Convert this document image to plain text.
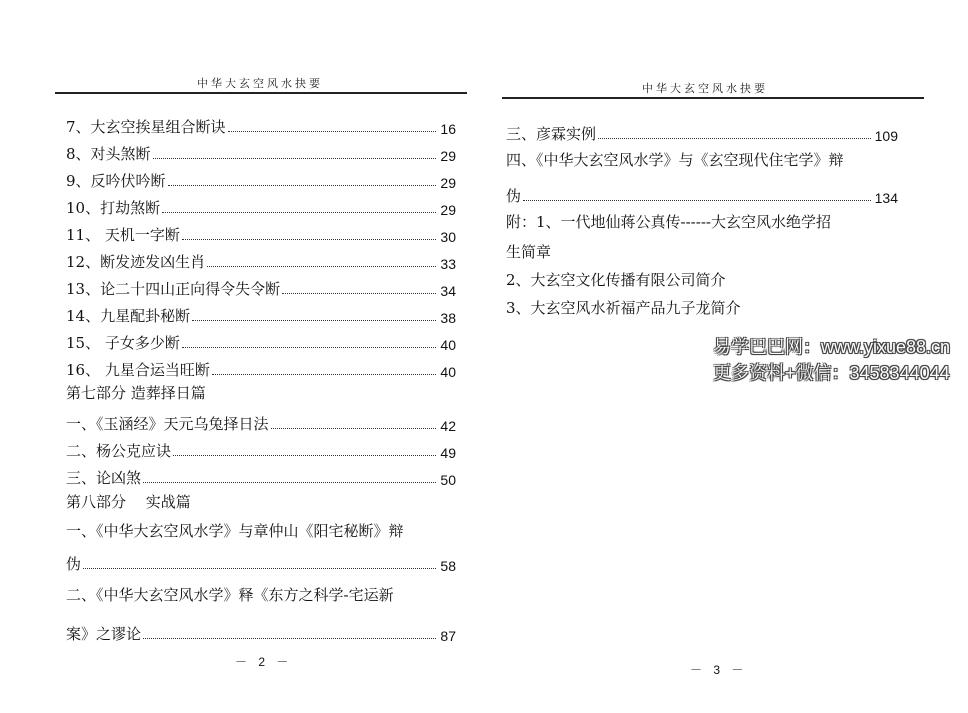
中华大玄空风水抉要
7、大玄空挨星组合断诀	16
8、对头煞断	29
9、反吟伏吟断	29
10、打劫煞断	29
11、 天机一字断	30
12、断发迹发凶生肖	33
13、论二十四山正向得令失令断	34
14、九星配卦秘断	38
15、 子女多少断	40
16、 九星合运当旺断	40
第七部分 造葬择日篇
一、《玉涵经》天元乌兔择日法	42
二、杨公克应诀	49
三、论凶煞	50
第八部分　 实战篇
一、《中华大玄空风水学》与章仲山《阳宅秘断》辩
伪	58
二、《中华大玄空风水学》释《东方之科学-宅运新
案》之谬论	87
－ 2 －
中华大玄空风水抉要
三、彦霖实例	109
四、《中华大玄空风水学》与《玄空现代住宅学》辩
伪	134
附：1、一代地仙蒋公真传------大玄空风水绝学招
生简章
2、大玄空文化传播有限公司简介
3、大玄空风水祈福产品九子龙简介
－ 3 －
易学巴巴网：www.yixue88.cn
更多资料+微信：3458344044
